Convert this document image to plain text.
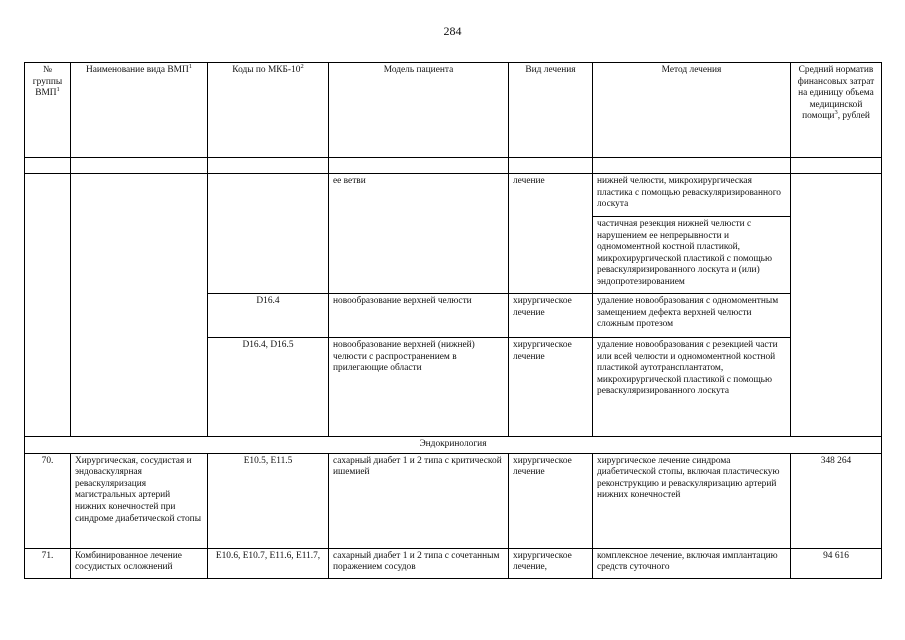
284
№ группы ВМП$^1$	Наименование вида ВМП$^1$	Коды по МКБ-$10^2$	Модель пациента	Вид лечения	Метод лечения	Средний норматив финансовых затрат на единицу объема медицинской помощи$^3$, рублей

			ее ветви	лечение	нижней челюсти, микрохирургическая пластика с помощью реваскуляризированного лоскута	
					частичная резекция нижней челюсти с нарушением ее непрерывности и одномоментной костной пластикой, микрохирургической пластикой с помощью реваскуляризированного лоскута и (или) эндопротезированием	
		D16.4	новообразование верхней челюсти	хирургическое лечение	удаление новообразования с одномоментным замещением дефекта верхней челюсти сложным протезом	
		D16.4, D16.5	новообразование верхней (нижней) челюсти с распространением в прилегающие области	хирургическое лечение	удаление новообразования с резекцией части или всей челюсти и одномоментной костной пластикой аутотрансплантатом, микрохирургической пластикой с помощью реваскуляризированного лоскута	
Эндокринология						
70.	Хирургическая, сосудистая и эндоваскулярная реваскуляризация магистральных артерий нижних конечностей при синдроме диабетической стопы	E10.5, E11.5	сахарный диабет 1 и 2 типа с критической ишемией	хирургическое лечение	хирургическое лечение синдрома диабетической стопы, включая пластическую реконструкцию и реваскуляризацию артерий нижних конечностей	348 264
71.	Комбинированное лечение сосудистых осложнений	E10.6, E10.7, E11.6, E11.7,	сахарный диабет 1 и 2 типа с сочетанным поражением сосудов	хирургическое лечение,	комплексное лечение, включая имплантацию средств суточного	94 616
